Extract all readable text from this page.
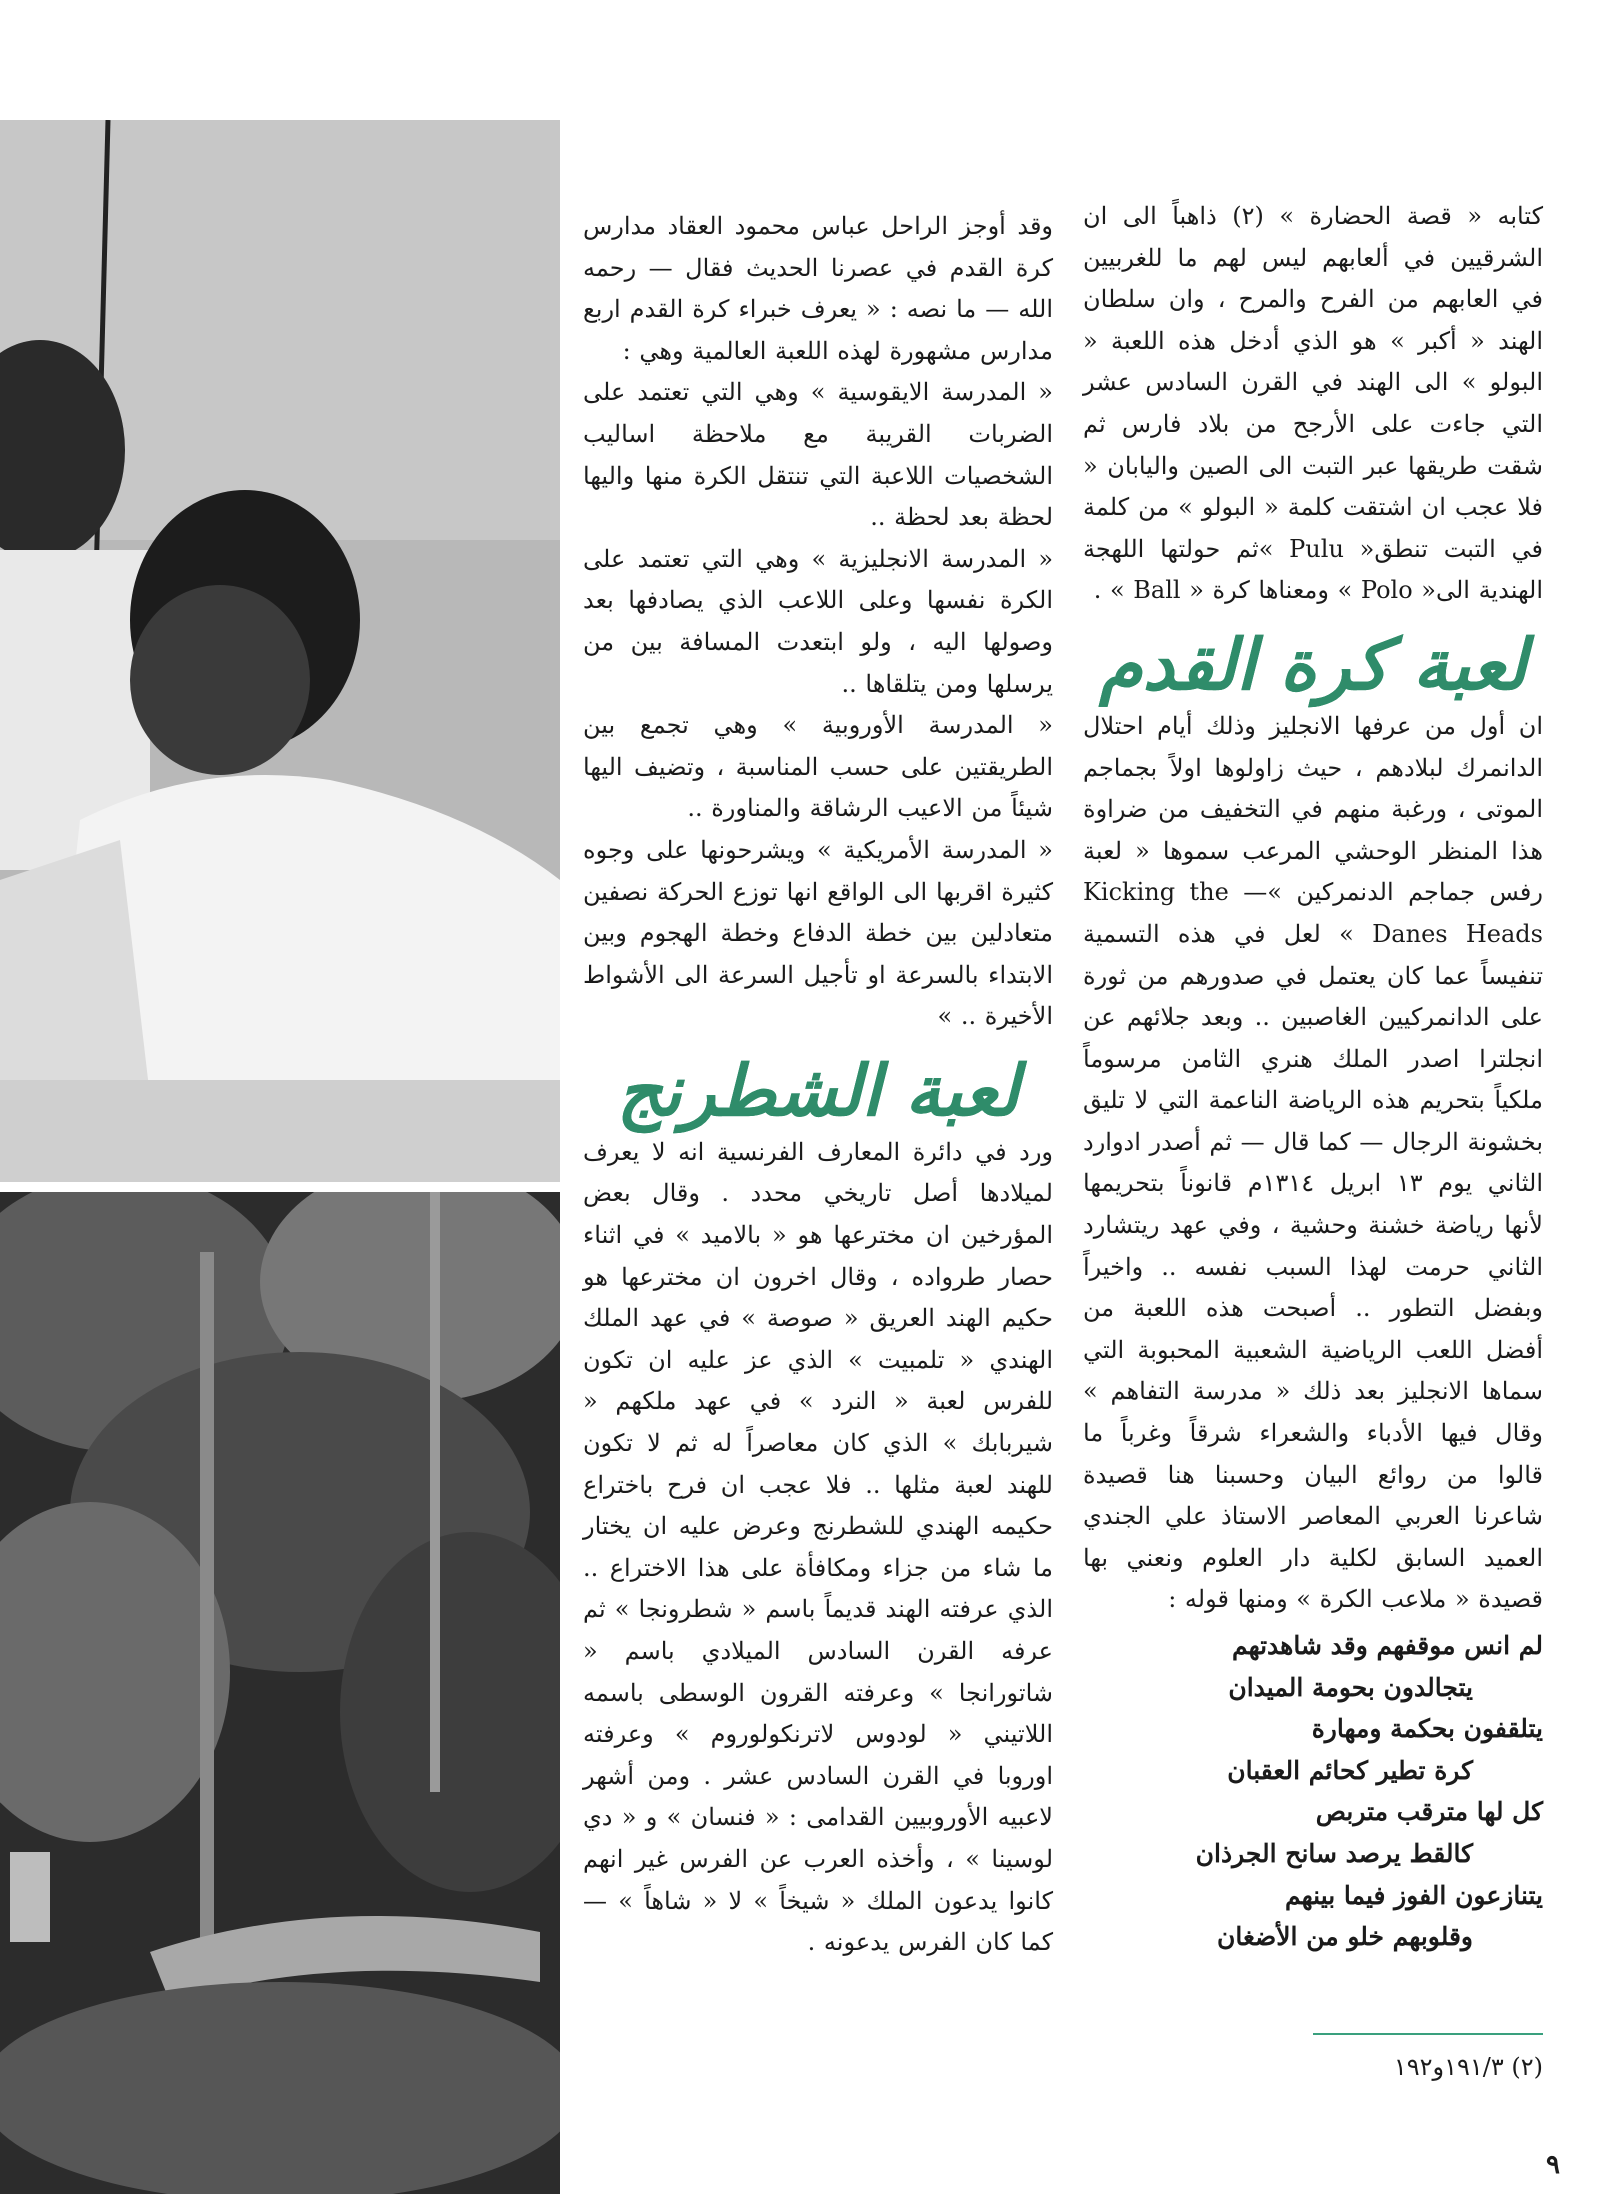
كتابه « قصة الحضارة » (٢) ذاهباً الى ان الشرقيين في ألعابهم ليس لهم ما للغربيين في العابهم من الفرح والمرح ، وان سلطان الهند « أكبر » هو الذي أدخل هذه اللعبة « البولو » الى الهند في القرن السادس عشر التي جاءت على الأرجح من بلاد فارس ثم شقت طريقها عبر التبت الى الصين واليابان « فلا عجب ان اشتقت كلمة « البولو » من كلمة في التبت تنطق« Pulu »ثم حولتها اللهجة الهندية الى« Polo » ومعناها كرة « Ball » .

لعبة كرة القدم

ان أول من عرفها الانجليز وذلك أيام احتلال الدانمرك لبلادهم ، حيث زاولوها اولاً بجماجم الموتى ، ورغبة منهم في التخفيف من ضراوة هذا المنظر الوحشي المرعب سموها « لعبة رفس جماجم الدنمركين »— Kicking the Danes Heads » لعل في هذه التسمية تنفيساً عما كان يعتمل في صدورهم من ثورة على الدانمركيين الغاصبين .. وبعد جلائهم عن انجلترا اصدر الملك هنري الثامن مرسوماً ملكياً بتحريم هذه الرياضة الناعمة التي لا تليق بخشونة الرجال — كما قال — ثم أصدر ادوارد الثاني يوم ١٣ ابريل ١٣١٤م قانوناً بتحريمها لأنها رياضة خشنة وحشية ، وفي عهد ريتشارد الثاني حرمت لهذا السبب نفسه .. واخيراً وبفضل التطور .. أصبحت هذه اللعبة من أفضل اللعب الرياضية الشعبية المحبوبة التي سماها الانجليز بعد ذلك « مدرسة التفاهم » وقال فيها الأدباء والشعراء شرقاً وغرباً ما قالوا من روائع البيان وحسبنا هنا قصيدة شاعرنا العربي المعاصر الاستاذ علي الجندي العميد السابق لكلية دار العلوم ونعني بها قصيدة « ملاعب الكرة » ومنها قوله :

لم انس موقفهم وقد شاهدتهم
يتجالدون بحومة الميدان
يتلقفون بحكمة ومهارة
كرة تطير كحائم العقبان
كل لها مترقب متربص
كالقط يرصد سانح الجرذان
يتنازعون الفوز فيما بينهم
وقلوبهم خلو من الأضغان

وقد أوجز الراحل عباس محمود العقاد مدارس كرة القدم في عصرنا الحديث فقال — رحمه الله — ما نصه : « يعرف خبراء كرة القدم اربع مدارس مشهورة لهذه اللعبة العالمية وهي :

« المدرسة الايقوسية » وهي التي تعتمد على الضربات القريبة مع ملاحظة اساليب الشخصيات اللاعبة التي تنتقل الكرة منها واليها لحظة بعد لحظة ..

« المدرسة الانجليزية » وهي التي تعتمد على الكرة نفسها وعلى اللاعب الذي يصادفها بعد وصولها اليه ، ولو ابتعدت المسافة بين من يرسلها ومن يتلقاها ..

« المدرسة الأوروبية » وهي تجمع بين الطريقتين على حسب المناسبة ، وتضيف اليها شيئاً من الاعيب الرشاقة والمناورة ..

« المدرسة الأمريكية » ويشرحونها على وجوه كثيرة اقربها الى الواقع انها توزع الحركة نصفين متعادلين بين خطة الدفاع وخطة الهجوم وبين الابتداء بالسرعة او تأجيل السرعة الى الأشواط الأخيرة .. »

لعبة الشطرنج

ورد في دائرة المعارف الفرنسية انه لا يعرف لميلادها أصل تاريخي محدد . وقال بعض المؤرخين ان مخترعها هو « بالاميد » في اثناء حصار طرواده ، وقال اخرون ان مخترعها هو حكيم الهند العريق « صوصة » في عهد الملك الهندي « تلمبيت » الذي عز عليه ان تكون للفرس لعبة « النرد » في عهد ملكهم « شيربابك » الذي كان معاصراً له ثم لا تكون للهند لعبة مثلها .. فلا عجب ان فرح باختراع حكيمه الهندي للشطرنج وعرض عليه ان يختار ما شاء من جزاء ومكافأة على هذا الاختراع .. الذي عرفته الهند قديماً باسم « شطرونجا » ثم عرفه القرن السادس الميلادي باسم « شاتورانجا » وعرفته القرون الوسطى باسمه اللاتيني « لودوس لاترنكولوروم » وعرفته اوروبا في القرن السادس عشر . ومن أشهر لاعبيه الأوروبيين القدامى : « فنسان » و « دي لوسينا » ، وأخذه العرب عن الفرس غير انهم كانوا يدعون الملك « شيخاً » لا « شاهاً » — كما كان الفرس يدعونه .

(٢) ١٩١/٣و١٩٢
٩
